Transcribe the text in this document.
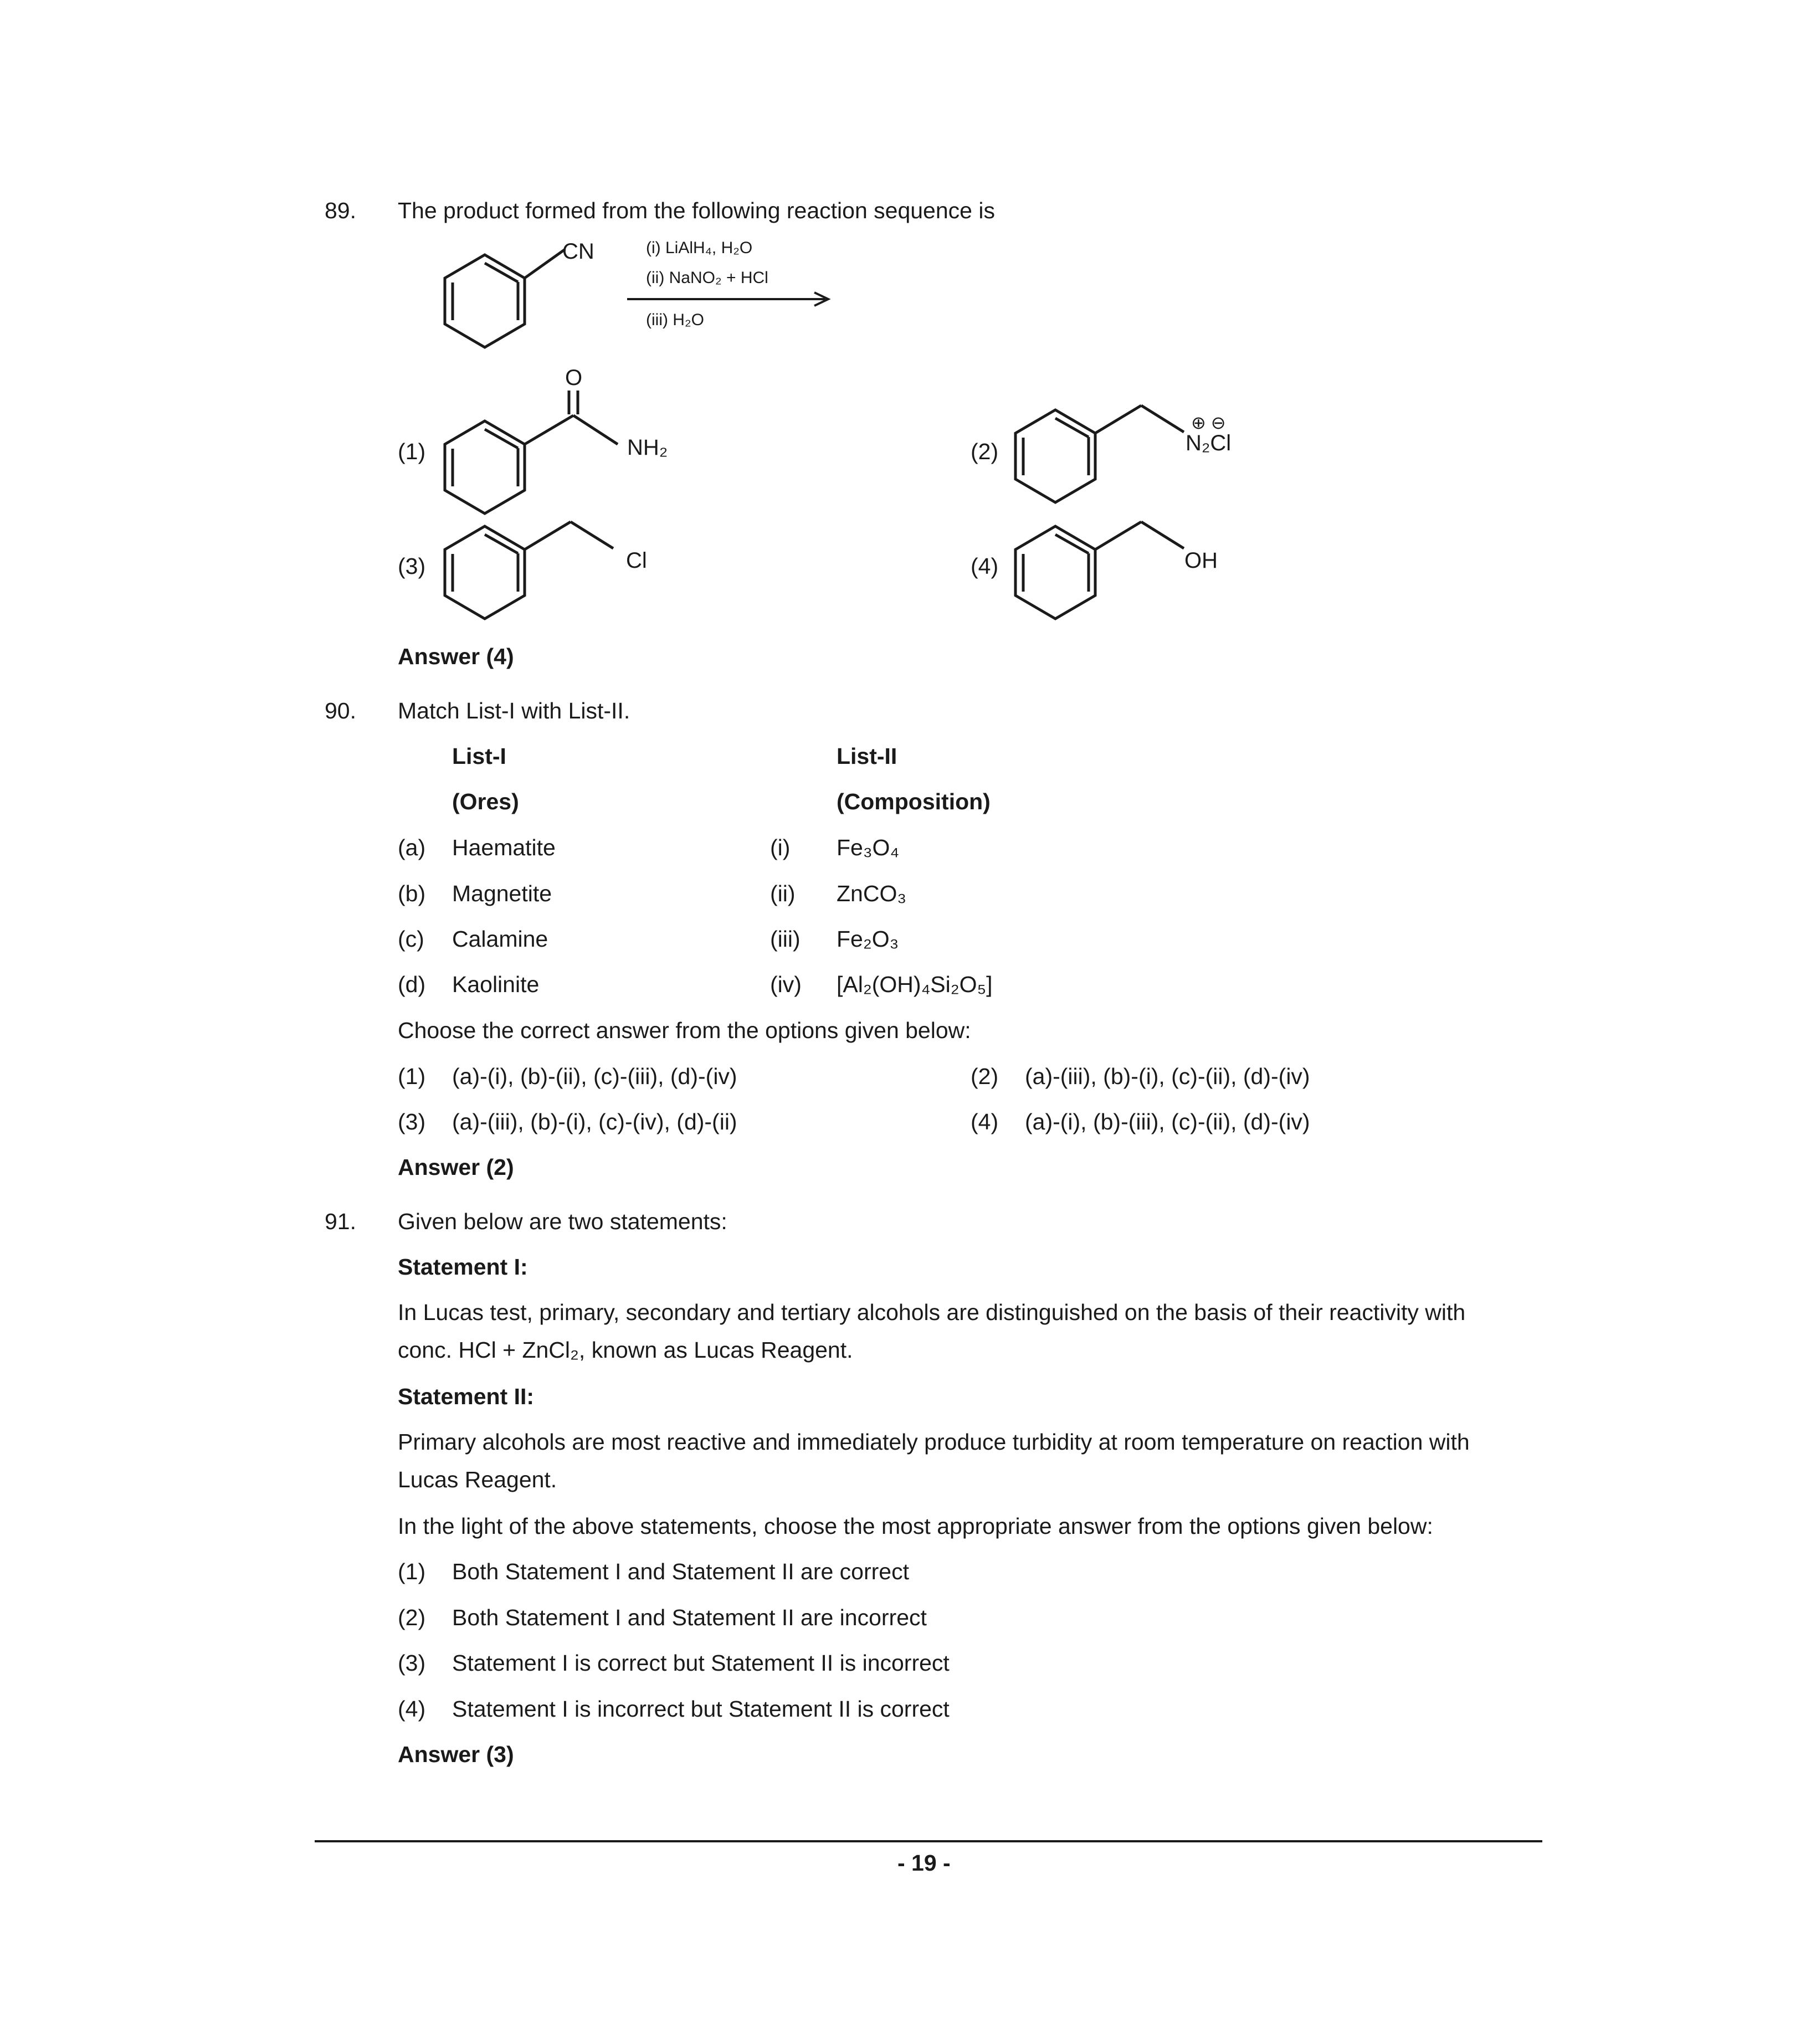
89. The product formed from the following reaction sequence is
CN	(i) LiAlH₄, H₂O
(ii) NaNO₂ + HCl
(iii) H₂O
(1)
O
NH₂	(2)
⊕ ⊖
N₂Cl
(3)	Cl	(4)	OH
Answer (4)
90. Match List-I with List-II.
List-I	List-II
(Ores)	(Composition)
(a) Haematite	(i) Fe₃O₄
(b) Magnetite	(ii) ZnCO₃
(c) Calamine	(iii) Fe₂O₃
(d) Kaolinite	(iv) [Al₂(OH)₄Si₂O₅]
Choose the correct answer from the options given below:
(1) (a)-(i), (b)-(ii), (c)-(iii), (d)-(iv)	(2) (a)-(iii), (b)-(i), (c)-(ii), (d)-(iv)
(3) (a)-(iii), (b)-(i), (c)-(iv), (d)-(ii)	(4) (a)-(i), (b)-(iii), (c)-(ii), (d)-(iv)
Answer (2)
91. Given below are two statements:
Statement I:
In Lucas test, primary, secondary and tertiary alcohols are distinguished on the basis of their reactivity with
conc. HCl + ZnCl₂, known as Lucas Reagent.
Statement II:
Primary alcohols are most reactive and immediately produce turbidity at room temperature on reaction with
Lucas Reagent.
In the light of the above statements, choose the most appropriate answer from the options given below:
(1) Both Statement I and Statement II are correct
(2) Both Statement I and Statement II are incorrect
(3) Statement I is correct but Statement II is incorrect
(4) Statement I is incorrect but Statement II is correct
Answer (3)
- 19 -
